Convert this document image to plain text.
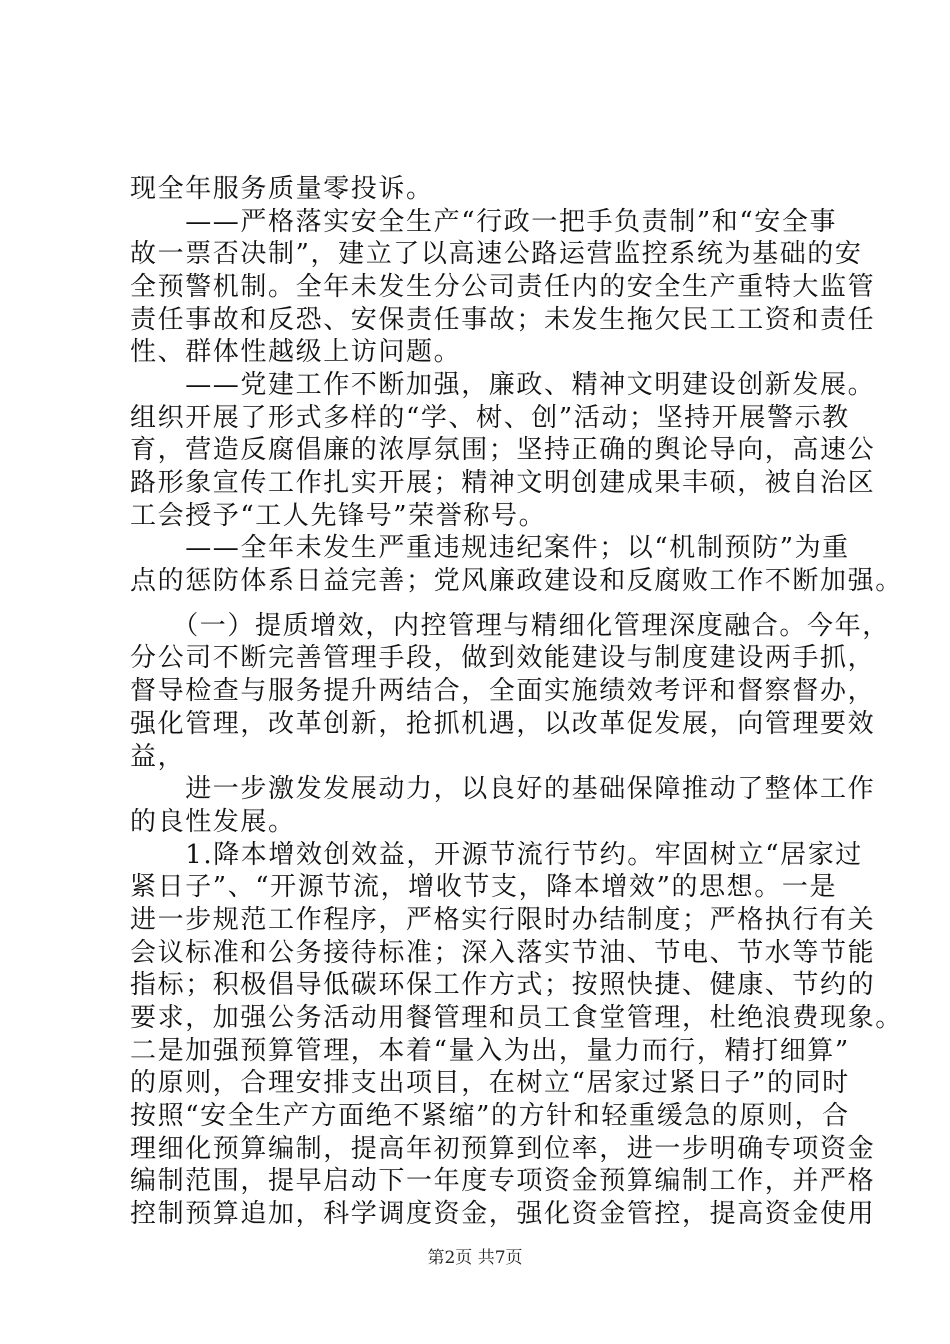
现全年服务质量零投诉。

　　——严格落实安全生产“行政一把手负责制”和“安全事

故一票否决制”，建立了以高速公路运营监控系统为基础的安

全预警机制。全年未发生分公司责任内的安全生产重特大监管

责任事故和反恐、安保责任事故；未发生拖欠民工工资和责任

性、群体性越级上访问题。

　　——党建工作不断加强，廉政、精神文明建设创新发展。

组织开展了形式多样的“学、树、创”活动；坚持开展警示教

育，营造反腐倡廉的浓厚氛围；坚持正确的舆论导向，高速公

路形象宣传工作扎实开展；精神文明创建成果丰硕，被自治区

工会授予“工人先锋号”荣誉称号。

　　——全年未发生严重违规违纪案件；以“机制预防”为重

点的惩防体系日益完善；党风廉政建设和反腐败工作不断加强。

　　（一）提质增效，内控管理与精细化管理深度融合。今年，

分公司不断完善管理手段，做到效能建设与制度建设两手抓，

督导检查与服务提升两结合，全面实施绩效考评和督察督办，

强化管理，改革创新，抢抓机遇，以改革促发展，向管理要效

益，

　　进一步激发发展动力，以良好的基础保障推动了整体工作

的良性发展。

　　1.降本增效创效益，开源节流行节约。牢固树立“居家过

紧日子”、“开源节流，增收节支，降本增效”的思想。一是

进一步规范工作程序，严格实行限时办结制度；严格执行有关

会议标准和公务接待标准；深入落实节油、节电、节水等节能

指标；积极倡导低碳环保工作方式；按照快捷、健康、节约的

要求，加强公务活动用餐管理和员工食堂管理，杜绝浪费现象。

二是加强预算管理，本着“量入为出，量力而行，精打细算”

的原则，合理安排支出项目，在树立“居家过紧日子”的同时

按照“安全生产方面绝不紧缩”的方针和轻重缓急的原则，合

理细化预算编制，提高年初预算到位率，进一步明确专项资金

编制范围，提早启动下一年度专项资金预算编制工作，并严格

控制预算追加，科学调度资金，强化资金管控，提高资金使用

第2页 共7页
